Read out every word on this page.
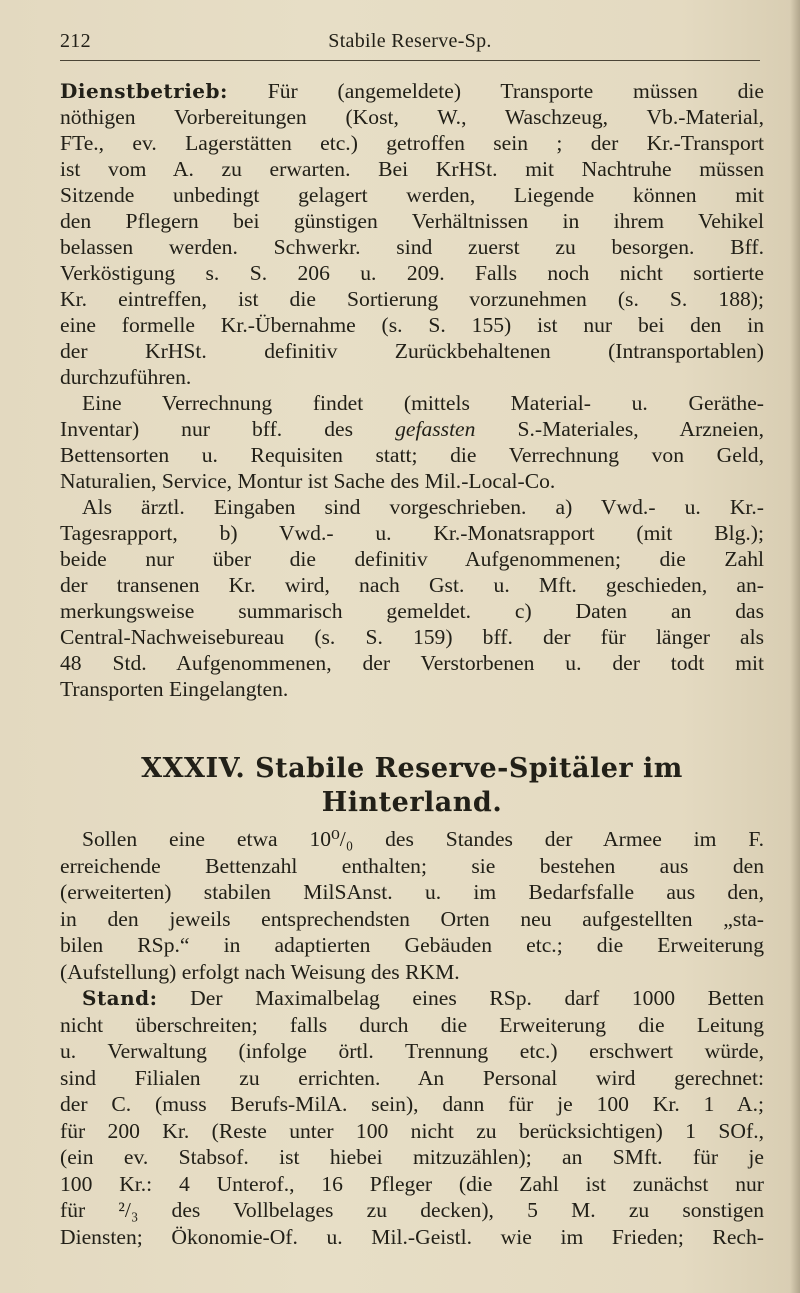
212	Stabile Reserve-Sp.
Dienstbetrieb: Für (angemeldete) Transporte müssen die
nöthigen Vorbereitungen (Kost, W., Waschzeug, Vb.-Material,
FTe., ev. Lagerstätten etc.) getroffen sein ; der Kr.-Transport
ist vom A. zu erwarten. Bei KrHSt. mit Nachtruhe müssen
Sitzende unbedingt gelagert werden, Liegende können mit
den Pflegern bei günstigen Verhältnissen in ihrem Vehikel
belassen werden. Schwerkr. sind zuerst zu besorgen. Bff.
Verköstigung s. S. 206 u. 209. Falls noch nicht sortierte
Kr. eintreffen, ist die Sortierung vorzunehmen (s. S. 188);
eine formelle Kr.-Übernahme (s. S. 155) ist nur bei den in
der KrHSt. definitiv Zurückbehaltenen (Intransportablen)
durchzuführen.
Eine Verrechnung findet (mittels Material- u. Geräthe-
Inventar) nur bff. des gefassten S.-Materiales, Arzneien,
Bettensorten u. Requisiten statt; die Verrechnung von Geld,
Naturalien, Service, Montur ist Sache des Mil.-Local-Co.
Als ärztl. Eingaben sind vorgeschrieben. a) Vwd.- u. Kr.-
Tagesrapport, b) Vwd.- u. Kr.-Monatsrapport (mit Blg.);
beide nur über die definitiv Aufgenommenen; die Zahl
der transenen Kr. wird, nach Gst. u. Mft. geschieden, an-
merkungsweise summarisch gemeldet. c) Daten an das
Central-Nachweisebureau (s. S. 159) bff. der für länger als
48 Std. Aufgenommenen, der Verstorbenen u. der todt mit
Transporten Eingelangten.
XXXIV. Stabile Reserve-Spitäler im
Hinterland.
Sollen eine etwa 10⁰/₀ des Standes der Armee im F.
erreichende Bettenzahl enthalten; sie bestehen aus den
(erweiterten) stabilen MilSAnst. u. im Bedarfsfalle aus den,
in den jeweils entsprechendsten Orten neu aufgestellten „sta-
bilen RSp.“ in adaptierten Gebäuden etc.; die Erweiterung
(Aufstellung) erfolgt nach Weisung des RKM.
Stand: Der Maximalbelag eines RSp. darf 1000 Betten
nicht überschreiten; falls durch die Erweiterung die Leitung
u. Verwaltung (infolge örtl. Trennung etc.) erschwert würde,
sind Filialen zu errichten. An Personal wird gerechnet:
der C. (muss Berufs-MilA. sein), dann für je 100 Kr. 1 A.;
für 200 Kr. (Reste unter 100 nicht zu berücksichtigen) 1 SOf.,
(ein ev. Stabsof. ist hiebei mitzuzählen); an SMft. für je
100 Kr.: 4 Unterof., 16 Pfleger (die Zahl ist zunächst nur
für ²/₃ des Vollbelages zu decken), 5 M. zu sonstigen
Diensten; Ökonomie-Of. u. Mil.-Geistl. wie im Frieden; Rech-
